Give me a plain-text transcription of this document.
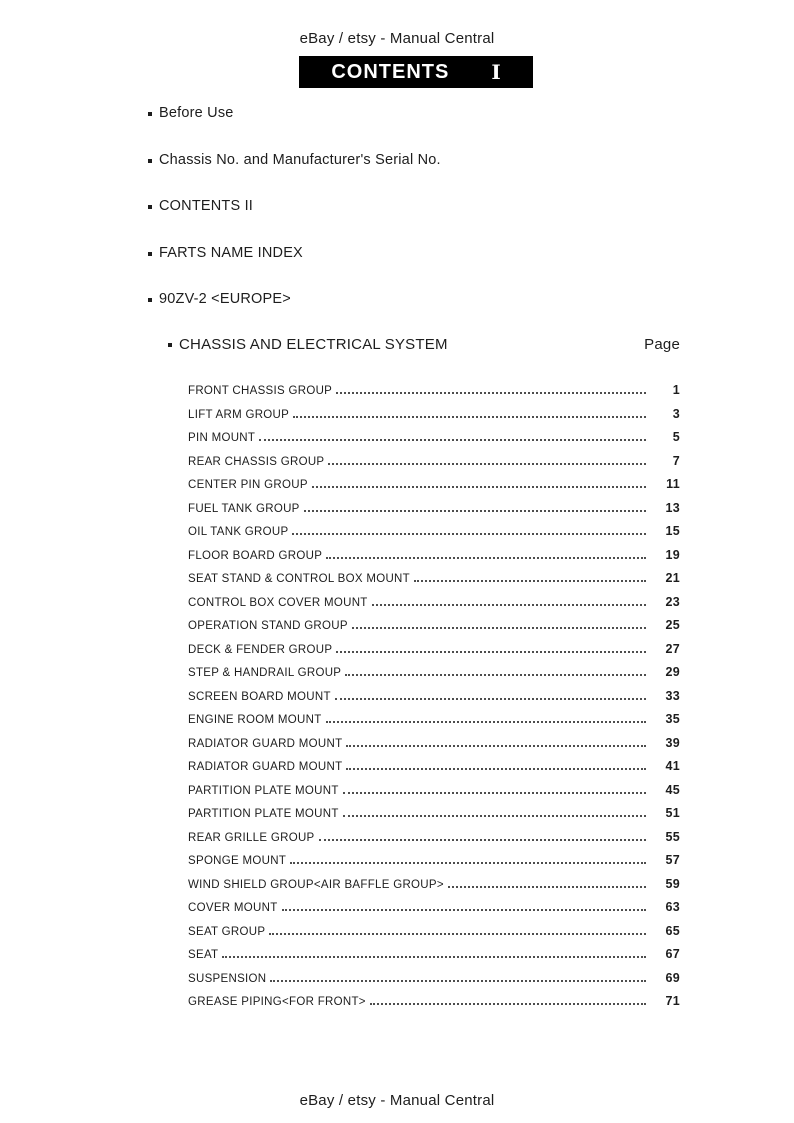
eBay / etsy - Manual Central
CONTENTS I
Before Use
Chassis No. and Manufacturer's Serial No.
CONTENTS II
FARTS NAME INDEX
90ZV-2 <EUROPE>
CHASSIS AND ELECTRICAL SYSTEM	Page
FRONT CHASSIS GROUP	1
LIFT ARM GROUP	3
PIN MOUNT	5
REAR CHASSIS GROUP	7
CENTER PIN GROUP	11
FUEL TANK GROUP	13
OIL TANK GROUP	15
FLOOR BOARD GROUP	19
SEAT STAND & CONTROL BOX MOUNT	21
CONTROL BOX COVER MOUNT	23
OPERATION STAND GROUP	25
DECK & FENDER GROUP	27
STEP & HANDRAIL GROUP	29
SCREEN BOARD MOUNT	33
ENGINE ROOM MOUNT	35
RADIATOR GUARD MOUNT	39
RADIATOR GUARD MOUNT	41
PARTITION PLATE MOUNT	45
PARTITION PLATE MOUNT	51
REAR GRILLE GROUP	55
SPONGE MOUNT	57
WIND SHIELD GROUP<AIR BAFFLE GROUP>	59
COVER MOUNT	63
SEAT GROUP	65
SEAT	67
SUSPENSION	69
GREASE PIPING<FOR FRONT>	71
eBay / etsy - Manual Central
